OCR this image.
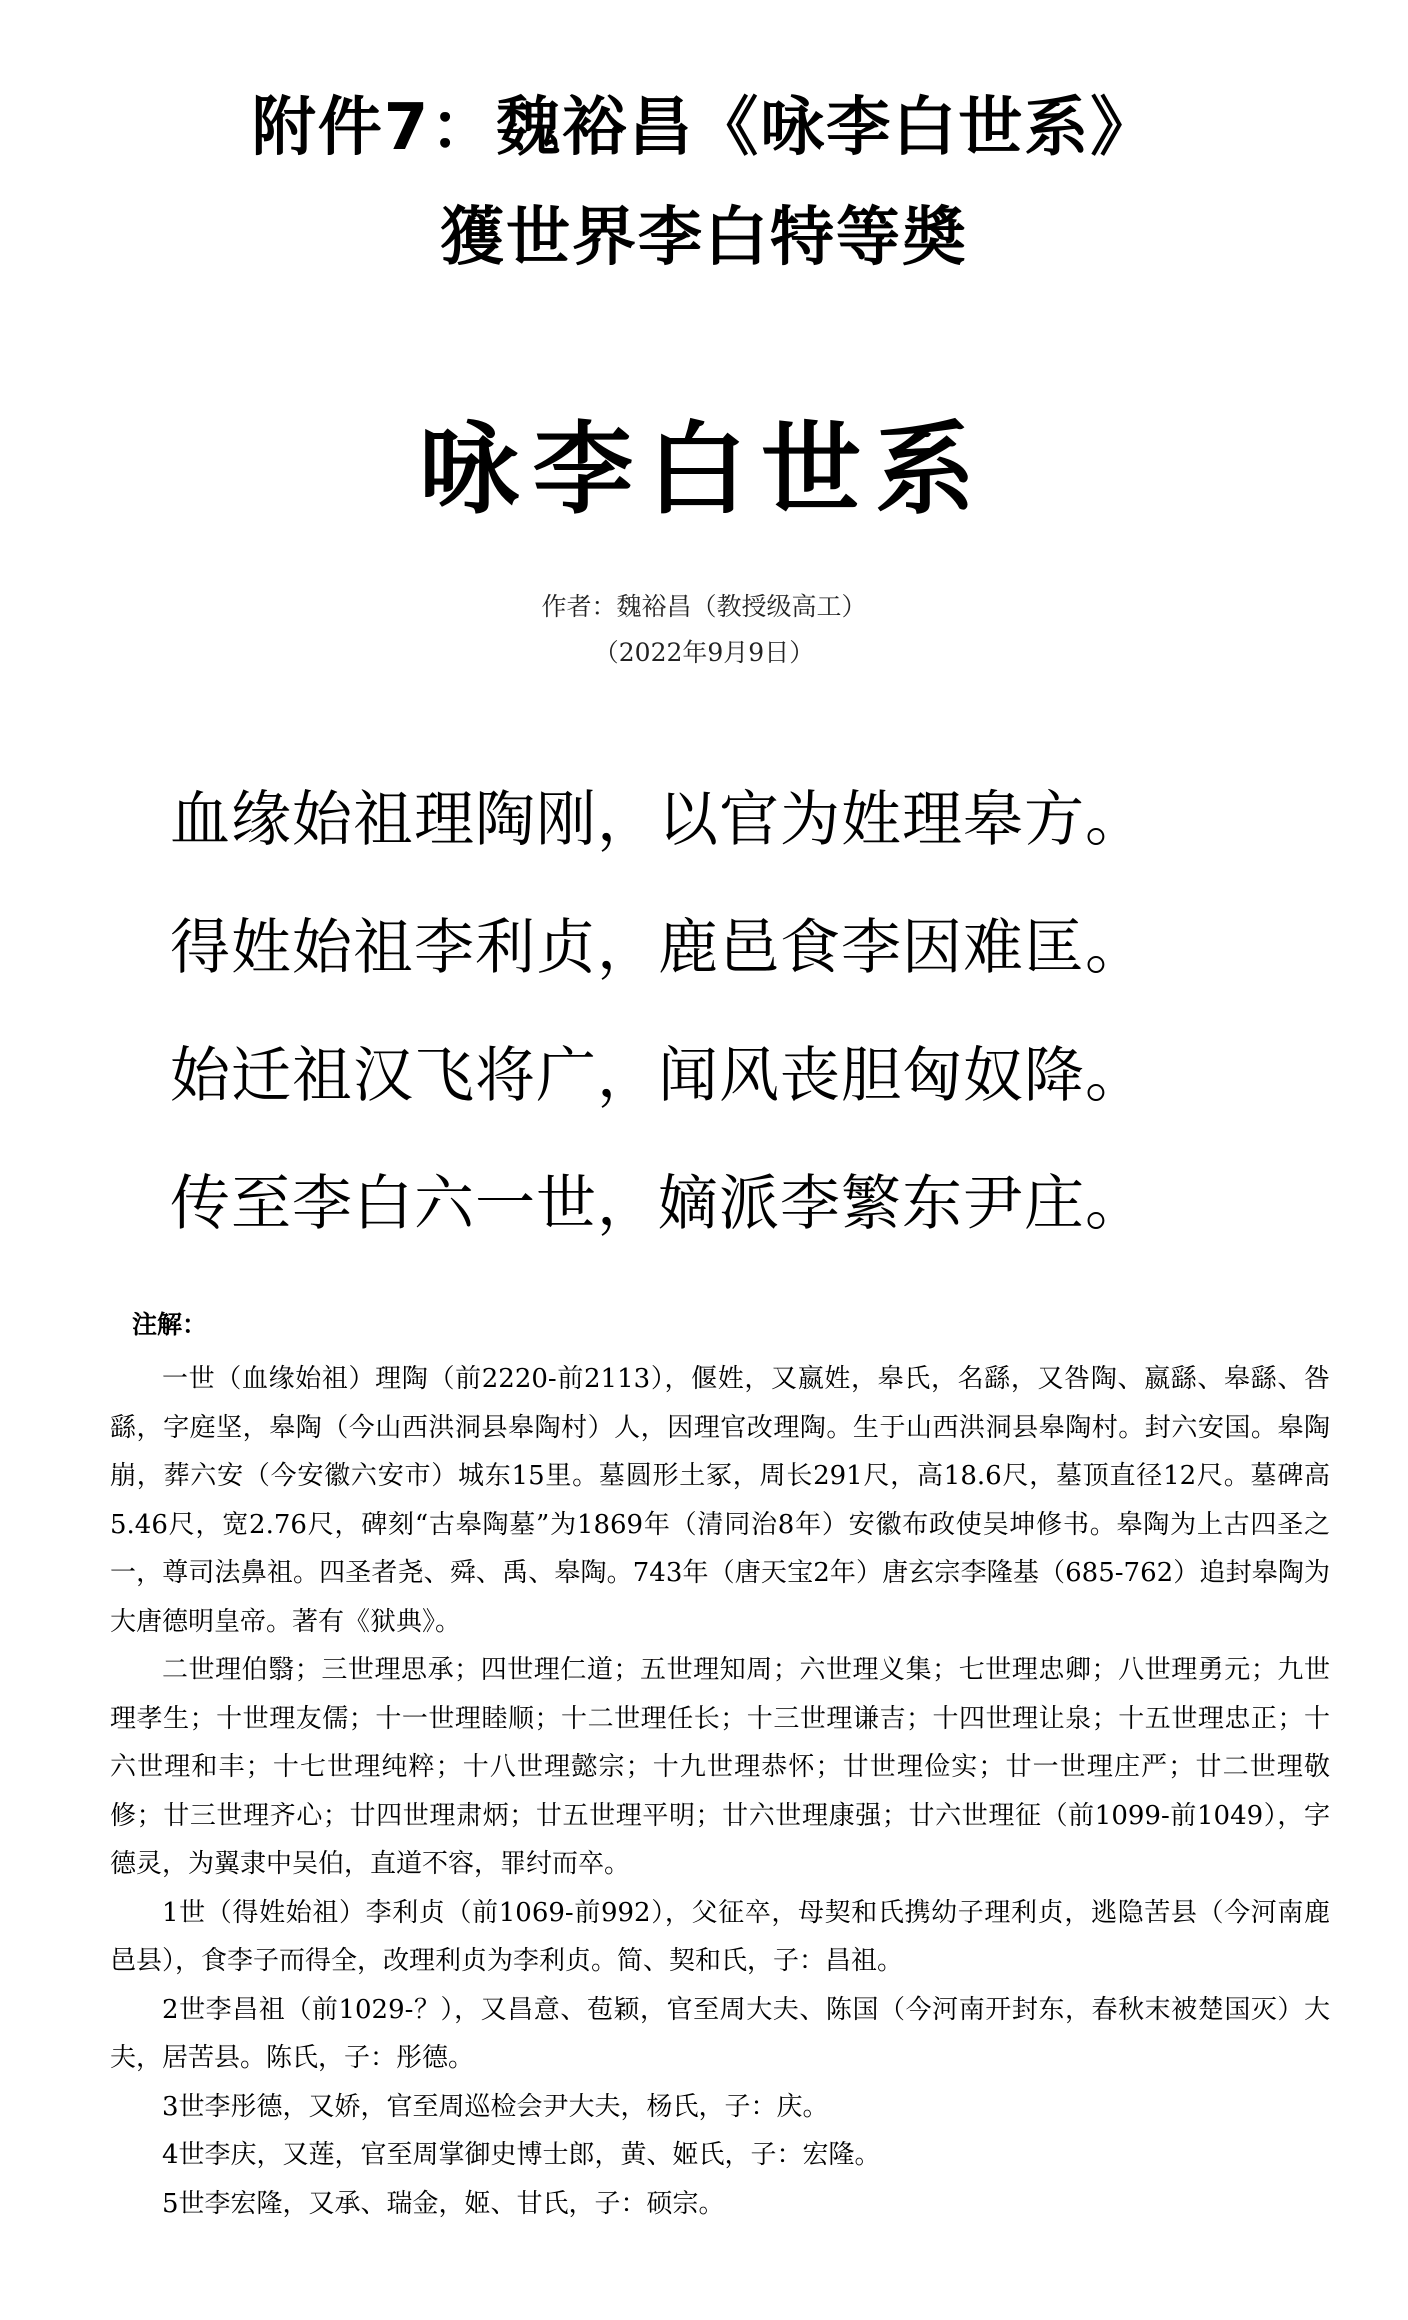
附件7：魏裕昌《咏李白世系》
獲世界李白特等奬
咏李白世系
作者：魏裕昌（教授级高工）
（2022年9月9日）
血缘始祖理陶刚，以官为姓理皋方。
得姓始祖李利贞，鹿邑食李因难匡。
始迁祖汉飞将广，闻风丧胆匈奴降。
传至李白六一世，嫡派李繁东尹庄。
注解：

一世（血缘始祖）理陶（前2220-前2113），偃姓，又嬴姓，皋氏，名繇，又咎陶、嬴繇、皋繇、咎繇，字庭坚，皋陶（今山西洪洞县皋陶村）人，因理官改理陶。生于山西洪洞县皋陶村。封六安国。皋陶崩，葬六安（今安徽六安市）城东15里。墓圆形土冢，周长291尺，高18.6尺，墓顶直径12尺。墓碑高5.46尺，宽2.76尺，碑刻“古皋陶墓”为1869年（清同治8年）安徽布政使吴坤修书。皋陶为上古四圣之一，尊司法鼻祖。四圣者尧、舜、禹、皋陶。743年（唐天宝2年）唐玄宗李隆基（685-762）追封皋陶为大唐德明皇帝。著有《狱典》。

二世理伯翳；三世理思承；四世理仁道；五世理知周；六世理义集；七世理忠卿；八世理勇元；九世理孝生；十世理友儒；十一世理睦顺；十二世理任长；十三世理谦吉；十四世理让泉；十五世理忠正；十六世理和丰；十七世理纯粹；十八世理懿宗；十九世理恭怀；廿世理俭实；廿一世理庄严；廿二世理敬修；廿三世理齐心；廿四世理肃炳；廿五世理平明；廿六世理康强；廿六世理征（前1099-前1049），字德灵，为翼隶中吴伯，直道不容，罪纣而卒。

1世（得姓始祖）李利贞（前1069-前992），父征卒，母契和氏携幼子理利贞，逃隐苦县（今河南鹿邑县），食李子而得全，改理利贞为李利贞。简、契和氏，子：昌祖。

2世李昌祖（前1029-？），又昌意、苞颖，官至周大夫、陈国（今河南开封东，春秋末被楚国灭）大夫，居苦县。陈氏，子：彤德。

3世李彤德，又娇，官至周巡检会尹大夫，杨氏，子：庆。

4世李庆，又莲，官至周掌御史博士郎，黄、姬氏，子：宏隆。

5世李宏隆，又承、瑞金，姬、甘氏，子：硕宗。
